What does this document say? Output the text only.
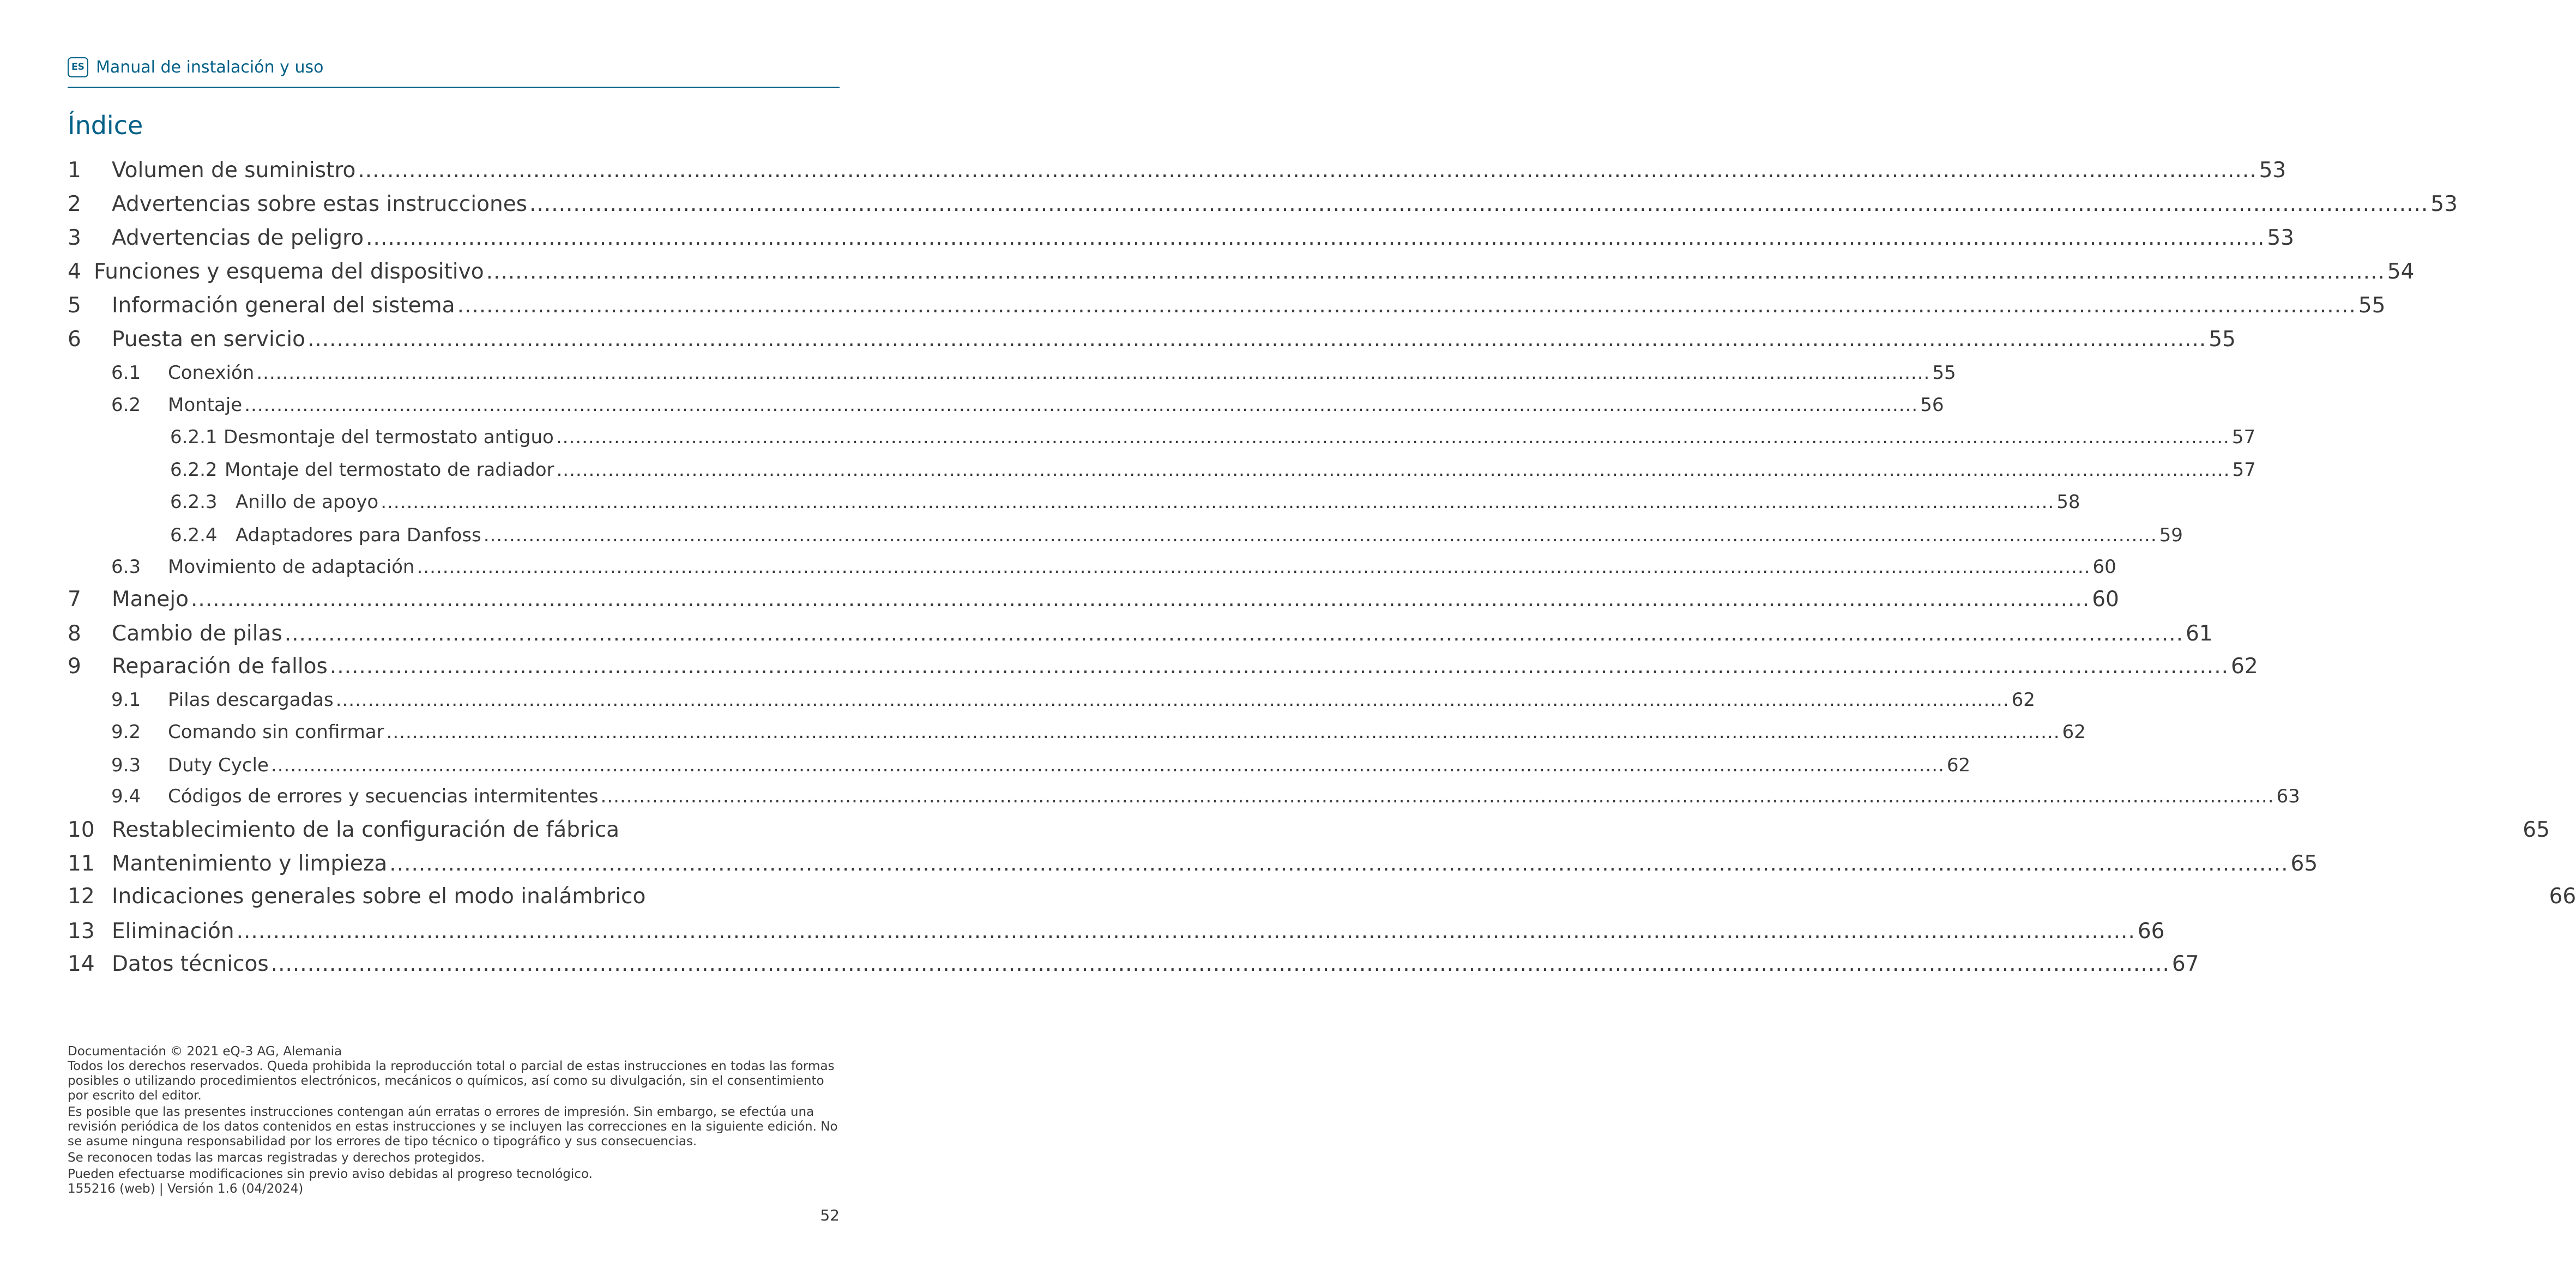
ES Manual de instalación y uso
Índice
1	Volumen de suministro .................................................................................................................................................................................................................................................................... 53
2	Advertencias sobre estas instrucciones .................................................................................................................................................................................................................................................................... 53
3	Advertencias de peligro .................................................................................................................................................................................................................................................................... 53
4 Funciones y esquema del dispositivo .................................................................................................................................................................................................................................................................... 54
5	Información general del sistema .................................................................................................................................................................................................................................................................... 55
6	Puesta en servicio .................................................................................................................................................................................................................................................................... 55
6.1	Conexión .................................................................................................................................................................................................................................................................... 55
6.2	Montaje .................................................................................................................................................................................................................................................................... 56
6.2.1 Desmontaje del termostato antiguo .................................................................................................................................................................................................................................................................... 57
6.2.2 Montaje del termostato de radiador .................................................................................................................................................................................................................................................................... 57
6.2.3 Anillo de apoyo .................................................................................................................................................................................................................................................................... 58
6.2.4 Adaptadores para Danfoss .................................................................................................................................................................................................................................................................... 59
6.3	Movimiento de adaptación .................................................................................................................................................................................................................................................................... 60
7	Manejo .................................................................................................................................................................................................................................................................... 60
8	Cambio de pilas .................................................................................................................................................................................................................................................................... 61
9	Reparación de fallos .................................................................................................................................................................................................................................................................... 62
9.1	Pilas descargadas .................................................................................................................................................................................................................................................................... 62
9.2	Comando sin confirmar .................................................................................................................................................................................................................................................................... 62
9.3	Duty Cycle .................................................................................................................................................................................................................................................................... 62
9.4	Códigos de errores y secuencias intermitentes .................................................................................................................................................................................................................................................................... 63
10 Restablecimiento de la configuración de fábrica	65
11 Mantenimiento y limpieza .................................................................................................................................................................................................................................................................... 65
12 Indicaciones generales sobre el modo inalámbrico	66
13 Eliminación .................................................................................................................................................................................................................................................................... 66
14 Datos técnicos .................................................................................................................................................................................................................................................................... 67

Documentación © 2021 eQ-3 AG, Alemania

Todos los derechos reservados. Queda prohibida la reproducción total o parcial de estas instrucciones en todas las formas posibles o utilizando procedimientos electrónicos, mecánicos o químicos, así como su divulgación, sin el consentimiento por escrito del editor.

Es posible que las presentes instrucciones contengan aún erratas o errores de impresión. Sin embargo, se efectúa una revisión periódica de los datos contenidos en estas instrucciones y se incluyen las correcciones en la siguiente edición. No se asume ninguna responsabilidad por los errores de tipo técnico o tipográfico y sus consecuencias.

Se reconocen todas las marcas registradas y derechos protegidos.

Pueden efectuarse modificaciones sin previo aviso debidas al progreso tecnológico.

155216 (web) | Versión 1.6 (04/2024)

52
